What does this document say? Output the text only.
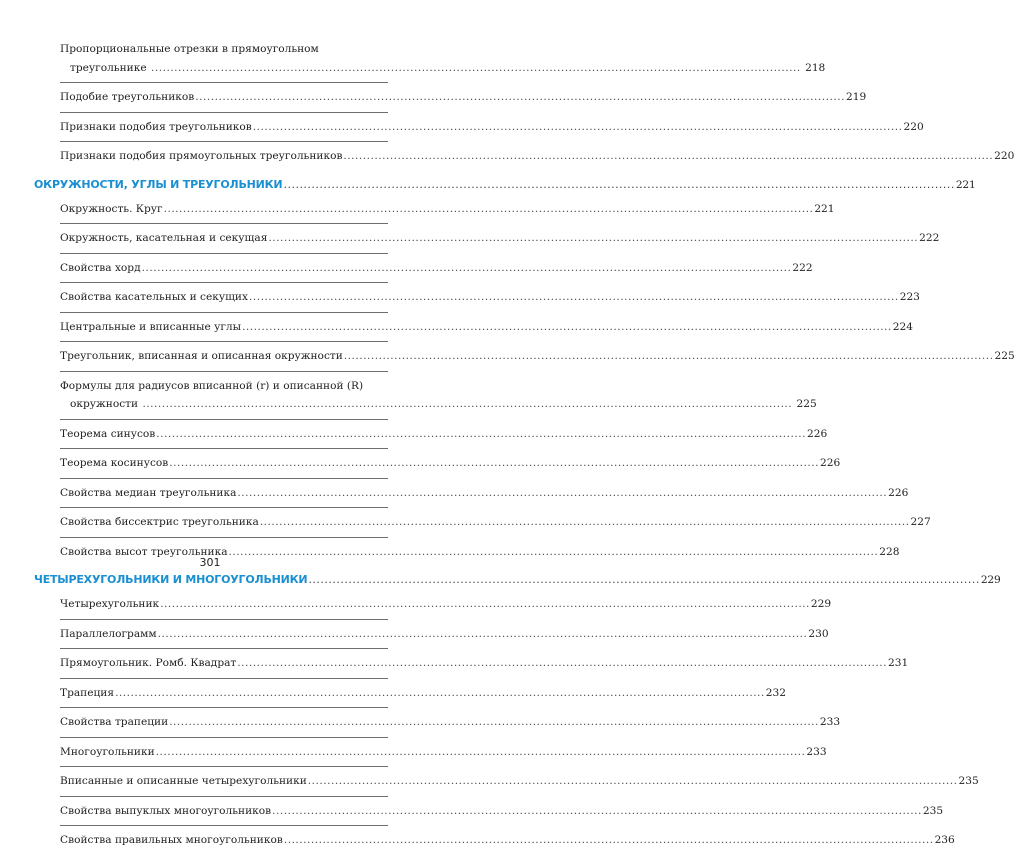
Пропорциональные отрезки в прямоугольном
треугольнике .....	218
Подобие треугольников .....	219
Признаки подобия треугольников .....	220
Признаки подобия прямоугольных треугольников .....	220
ОКРУЖНОСТИ, УГЛЫ И ТРЕУГОЛЬНИКИ .....	221
Окружность. Круг .....	221
Окружность, касательная и секущая .....	222
Свойства хорд .....	222
Свойства касательных и секущих .....	223
Центральные и вписанные углы .....	224
Треугольник, вписанная и описанная окружности .....	225
Формулы для радиусов вписанной (r) и описанной (R)
окружности .....	225
Теорема синусов .....	226
Теорема косинусов .....	226
Свойства медиан треугольника .....	226
Свойства биссектрис треугольника .....	227
Свойства высот треугольника .....	228
ЧЕТЫРЕХУГОЛЬНИКИ И МНОГОУГОЛЬНИКИ .....	229
Четырехугольник .....	229
Параллелограмм .....	230
Прямоугольник. Ромб. Квадрат .....	231
Трапеция .....	232
Свойства трапеции .....	233
Многоугольники .....	233
Вписанные и описанные четырехугольники .....	235
Свойства выпуклых многоугольников .....	235
Свойства правильных многоугольников .....	236
301
